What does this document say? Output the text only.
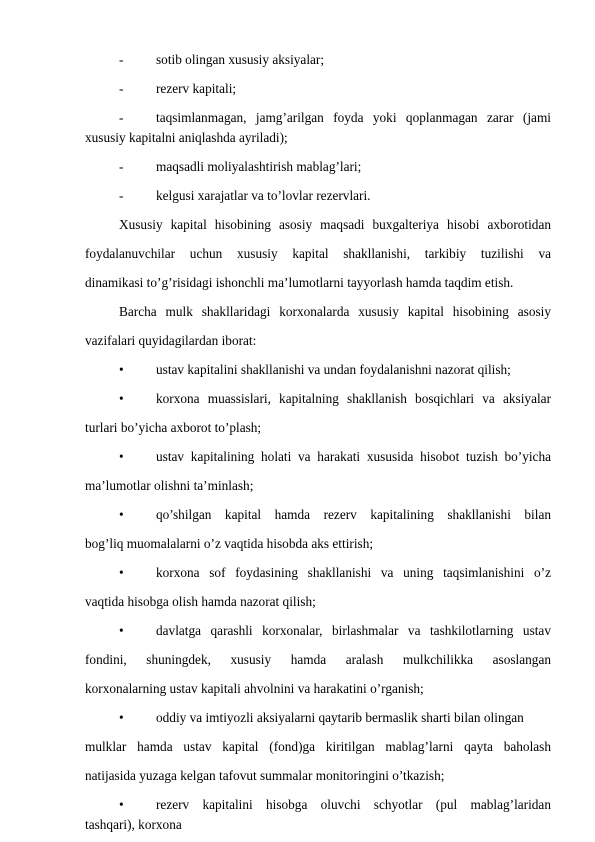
-	sotib olingan xususiy aksiyalar;
-	rezerv kapitali;
-	taqsimlanmagan, jamg’arilgan foyda yoki qoplanmagan zarar (jami
xususiy kapitalni aniqlashda ayriladi);
-	maqsadli moliyalashtirish mablag’lari;
-	kelgusi xarajatlar va to’lovlar rezervlari.
Xususiy kapital hisobining asosiy maqsadi buxgalteriya hisobi axborotidan
foydalanuvchilar uchun xususiy kapital shakllanishi, tarkibiy tuzilishi va
dinamikasi to’g’risidagi ishonchli ma’lumotlarni tayyorlash hamda taqdim etish.
Barcha mulk shakllaridagi korxonalarda xususiy kapital hisobining asosiy
vazifalari quyidagilardan iborat:
•	ustav kapitalini shakllanishi va undan foydalanishni nazorat qilish;
•	korxona muassislari, kapitalning shakllanish bosqichlari va aksiyalar
turlari bo’yicha axborot to’plash;
•	ustav kapitalining holati va harakati xususida hisobot tuzish bo’yicha
ma’lumotlar olishni ta’minlash;
•	qo’shilgan kapital hamda rezerv kapitalining shakllanishi bilan
bog’liq muomalalarni o’z vaqtida hisobda aks ettirish;
•	korxona sof foydasining shakllanishi va uning taqsimlanishini o’z
vaqtida hisobga olish hamda nazorat qilish;
•	davlatga qarashli korxonalar, birlashmalar va tashkilotlarning ustav
fondini, shuningdek, xususiy hamda aralash mulkchilikka asoslangan
korxonalarning ustav kapitali ahvolnini va harakatini o’rganish;
•	oddiy va imtiyozli aksiyalarni qaytarib bermaslik sharti bilan olingan
mulklar hamda ustav kapital (fond)ga kiritilgan mablag’larni qayta baholash
natijasida yuzaga kelgan tafovut summalar monitoringini o’tkazish;
•	rezerv kapitalini hisobga oluvchi schyotlar (pul mablag’laridan
tashqari), korxona
